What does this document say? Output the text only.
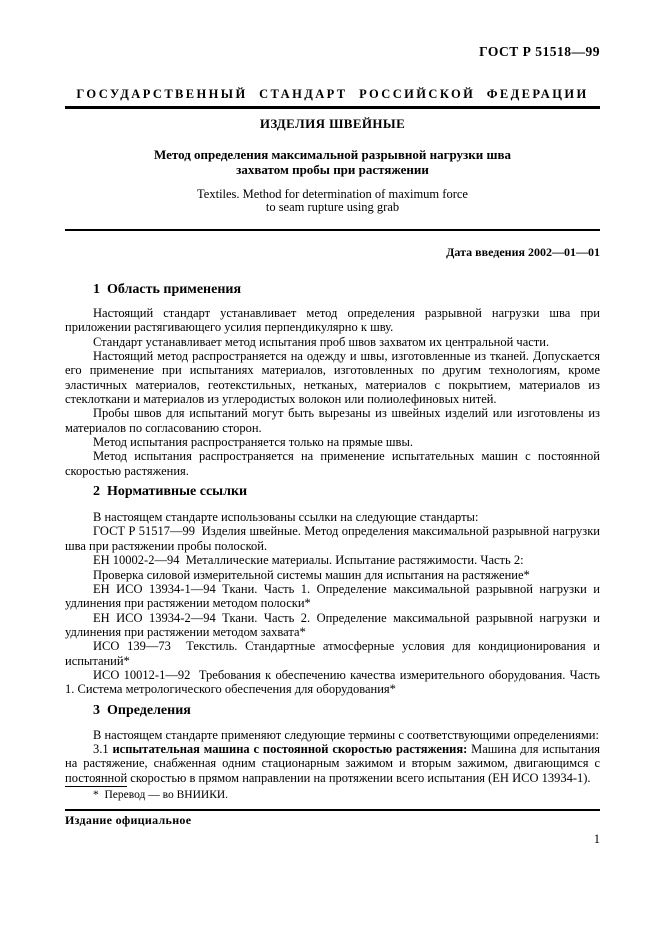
ГОСТ Р 51518—99
ГОСУДАРСТВЕННЫЙ СТАНДАРТ РОССИЙСКОЙ ФЕДЕРАЦИИ
ИЗДЕЛИЯ ШВЕЙНЫЕ
Метод определения максимальной разрывной нагрузки шва
захватом пробы при растяжении
Textiles. Method for determination of maximum force
to seam rupture using grab
Дата введения 2002—01—01
1  Область применения
Настоящий стандарт устанавливает метод определения разрывной нагрузки шва при приложении растягивающего усилия перпендикулярно к шву.
Стандарт устанавливает метод испытания проб швов захватом их центральной части.
Настоящий метод распространяется на одежду и швы, изготовленные из тканей. Допускается его применение при испытаниях материалов, изготовленных по другим технологиям, кроме эластичных материалов, геотекстильных, нетканых, материалов с покрытием, материалов из стеклоткани и материалов из углеродистых волокон или полиолефиновых нитей.
Пробы швов для испытаний могут быть вырезаны из швейных изделий или изготовлены из материалов по согласованию сторон.
Метод испытания распространяется только на прямые швы.
Метод испытания распространяется на применение испытательных машин с постоянной скоростью растяжения.
2  Нормативные ссылки
В настоящем стандарте использованы ссылки на следующие стандарты:
ГОСТ Р 51517—99  Изделия швейные. Метод определения максимальной разрывной нагрузки шва при растяжении пробы полоской.
ЕН 10002-2—94  Металлические материалы. Испытание растяжимости. Часть 2:
Проверка силовой измерительной системы машин для испытания на растяжение*
ЕН ИСО 13934-1—94 Ткани. Часть 1. Определение максимальной разрывной нагрузки и удлинения при растяжении методом полоски*
ЕН ИСО 13934-2—94 Ткани. Часть 2. Определение максимальной разрывной нагрузки и удлинения при растяжении методом захвата*
ИСО 139—73  Текстиль. Стандартные атмосферные условия для кондиционирования и испытаний*
ИСО 10012-1—92  Требования к обеспечению качества измерительного оборудования. Часть 1. Система метрологического обеспечения для оборудования*
3  Определения
В настоящем стандарте применяют следующие термины с соответствующими определениями:
3.1 испытательная машина с постоянной скоростью растяжения: Машина для испытания на растяжение, снабженная одним стационарным зажимом и вторым зажимом, двигающимся с постоянной скоростью в прямом направлении на протяжении всего испытания (ЕН ИСО 13934-1).
*  Перевод — во ВНИИКИ.
Издание официальное
1
